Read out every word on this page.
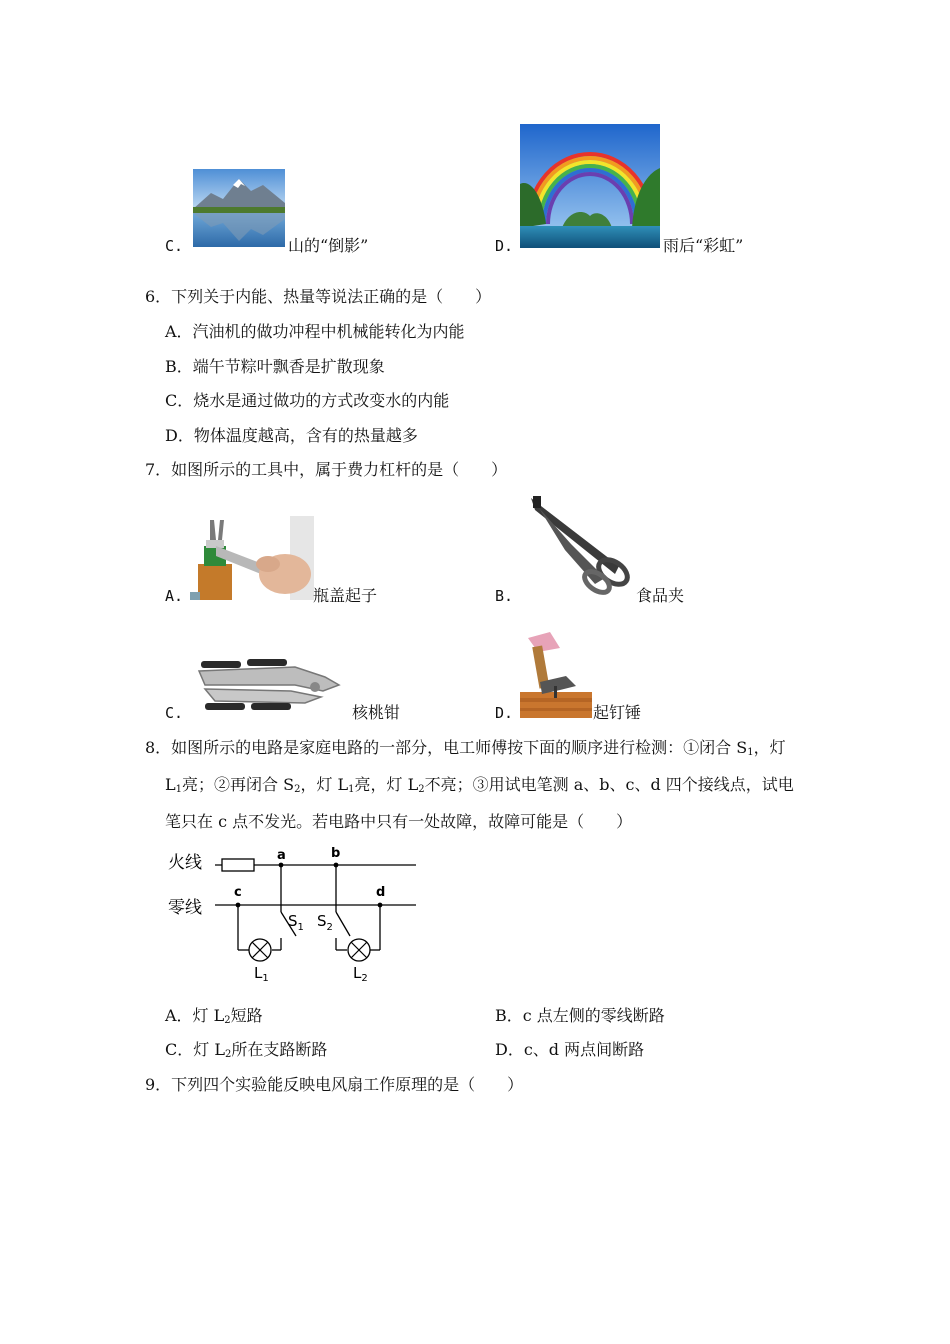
C.	山的“倒影”	D.	雨后“彩虹”
6．下列关于内能、热量等说法正确的是（　　）
A．汽油机的做功冲程中机械能转化为内能
B．端午节粽叶飘香是扩散现象
C．烧水是通过做功的方式改变水的内能
D．物体温度越高，含有的热量越多
7．如图所示的工具中，属于费力杠杆的是（　　）
A.	瓶盖起子	B.	食品夹
C.	核桃钳	D.	起钉锤
8．如图所示的电路是家庭电路的一部分，电工师傅按下面的顺序进行检测：①闭合 $S_1$，灯
$L_1$亮；②再闭合 $S_2$，灯 $L_1$亮，灯 $L_2$不亮；③用试电笔测 a、b、c、d 四个接线点，试电
笔只在 c 点不发光。若电路中只有一处故障，故障可能是（　　）
火线
零线
a	b
c	d
$S_1$ $S_2$
$L_1$	$L_2$
A．灯 $L_2$短路	B．c 点左侧的零线断路
C．灯 $L_2$所在支路断路	D．c、d 两点间断路
9．下列四个实验能反映电风扇工作原理的是（　　）
